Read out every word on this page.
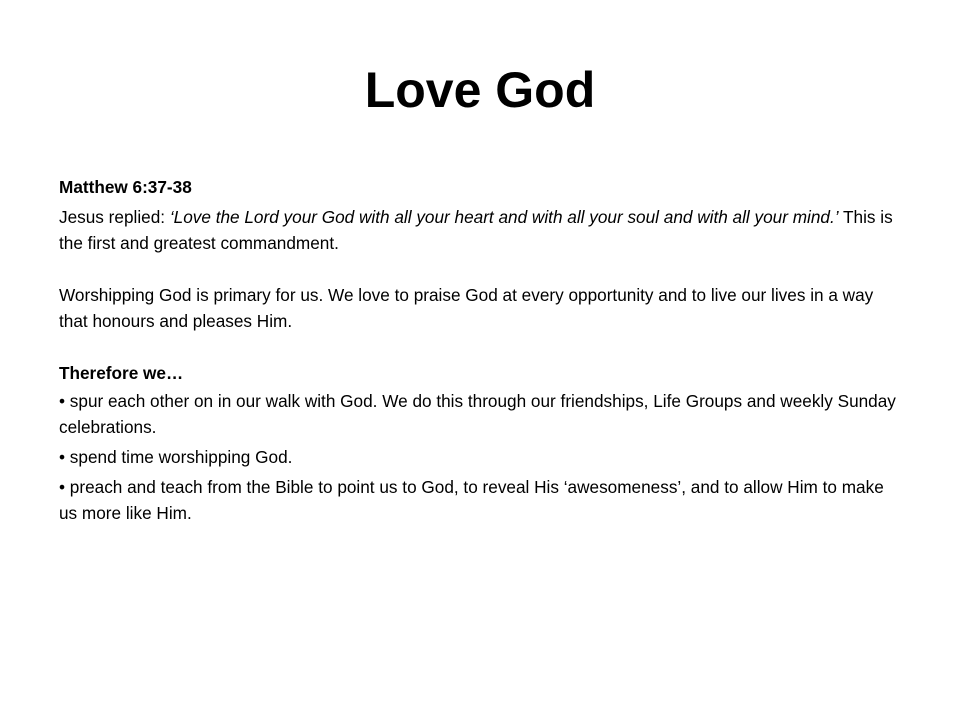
Love God

Matthew 6:37-38

Jesus replied: ‘Love the Lord your God with all your heart and with all your soul and with all your mind.’ This is the first and greatest commandment.

Worshipping God is primary for us. We love to praise God at every opportunity and to live our lives in a way that honours and pleases Him.

Therefore we…

• spur each other on in our walk with God. We do this through our friendships, Life Groups and weekly Sunday celebrations.

• spend time worshipping God.

• preach and teach from the Bible to point us to God, to reveal His ‘awesomeness’, and to allow Him to make us more like Him.
